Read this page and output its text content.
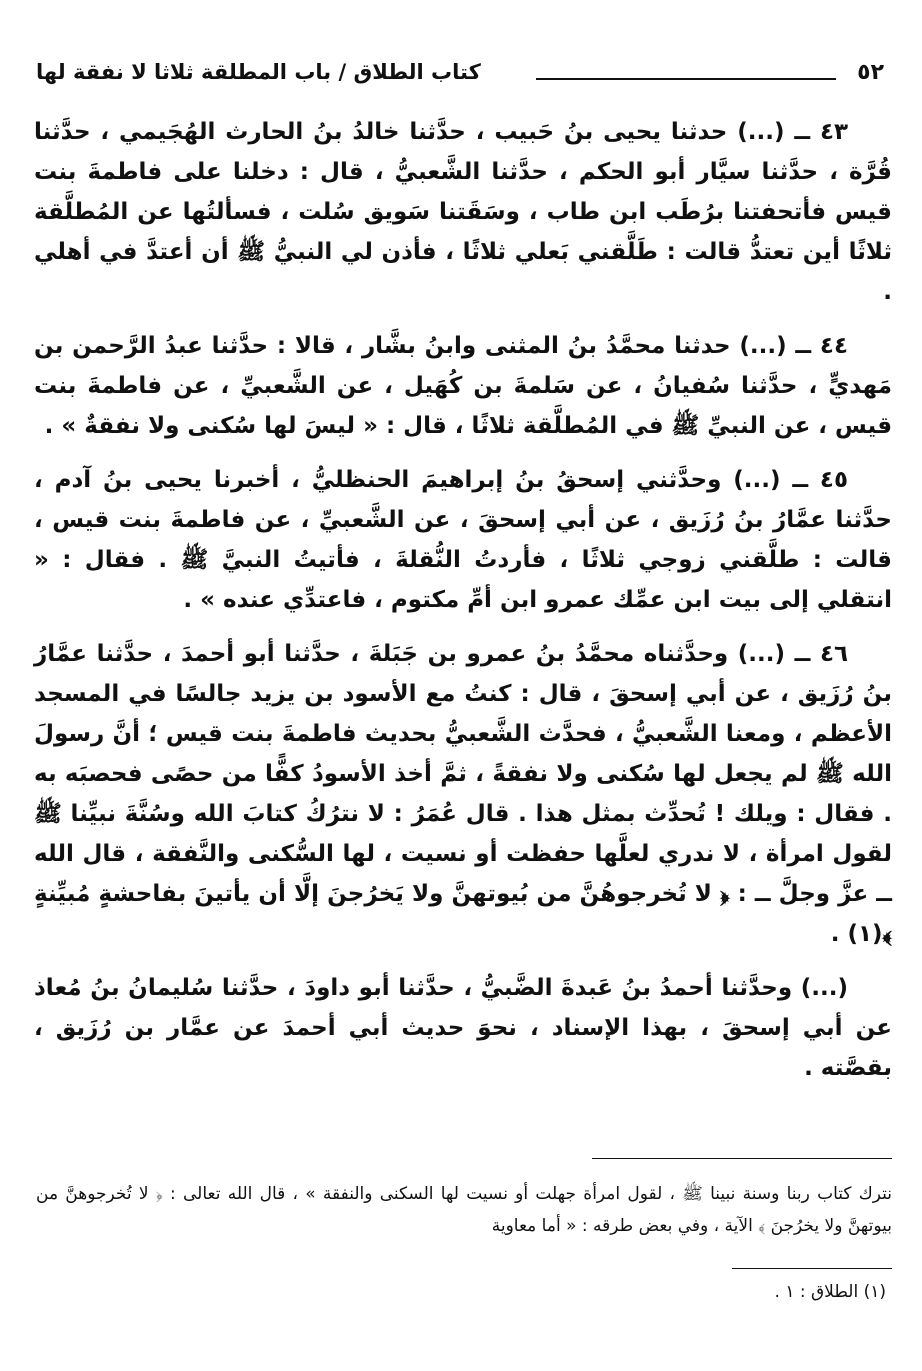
٥٢
كتاب الطلاق / باب المطلقة ثلاثا لا نفقة لها

٤٣ ــ (...) حدثنا يحيى بنُ حَبيب ، حدَّثنا خالدُ بنُ الحارث الهُجَيمي ، حدَّثنا قُرَّة ، حدَّثنا سيَّار أبو الحكم ، حدَّثنا الشَّعبيُّ ، قال : دخلنا على فاطمةَ بنت قيس فأتحفتنا برُطَب ابن طاب ، وسَقَتنا سَويق سُلت ، فسألتُها عن المُطلَّقة ثلاثًا أين تعتدُّ قالت : طَلَّقني بَعلي ثلاثًا ، فأذن لي النبيُّ ﷺ أن أعتدَّ في أهلي .

٤٤ ــ (...) حدثنا محمَّدُ بنُ المثنى وابنُ بشَّار ، قالا : حدَّثنا عبدُ الرَّحمن بن مَهديٍّ ، حدَّثنا سُفيانُ ، عن سَلمةَ بن كُهَيل ، عن الشَّعبيِّ ، عن فاطمةَ بنت قيس ، عن النبيِّ ﷺ في المُطلَّقة ثلاثًا ، قال : « ليسَ لها سُكنى ولا نفقةٌ » .

٤٥ ــ (...) وحدَّثني إسحقُ بنُ إبراهيمَ الحنظليُّ ، أخبرنا يحيى بنُ آدم ، حدَّثنا عمَّارُ بنُ رُزَيق ، عن أبي إسحقَ ، عن الشَّعبيِّ ، عن فاطمةَ بنت قيس ، قالت : طلَّقني زوجي ثلاثًا ، فأردتُ النُّقلةَ ، فأتيتُ النبيَّ ﷺ . فقال : « انتقلي إلى بيت ابن عمِّك عمرو ابن أمِّ مكتوم ، فاعتدِّي عنده » .

٤٦ ــ (...) وحدَّثناه محمَّدُ بنُ عمرو بن جَبَلةَ ، حدَّثنا أبو أحمدَ ، حدَّثنا عمَّارُ بنُ رُزَيق ، عن أبي إسحقَ ، قال : كنتُ مع الأسود بن يزيد جالسًا في المسجد الأعظم ، ومعنا الشَّعبيُّ ، فحدَّث الشَّعبيُّ بحديث فاطمةَ بنت قيس ؛ أنَّ رسولَ الله ﷺ لم يجعل لها سُكنى ولا نفقةً ، ثمَّ أخذ الأسودُ كفًّا من حصًى فحصبَه به . فقال : ويلك ! تُحدِّث بمثل هذا . قال عُمَرُ : لا نترُكُ كتابَ الله وسُنَّةَ نبيِّنا ﷺ لقول امرأة ، لا ندري لعلَّها حفظت أو نسيت ، لها السُّكنى والنَّفقة ، قال الله ــ عزَّ وجلَّ ــ : ﴿ لا تُخرجوهُنَّ من بُيوتهنَّ ولا يَخرُجنَ إلَّا أن يأتينَ بفاحشةٍ مُبيِّنةٍ ﴾(١) .

(...) وحدَّثنا أحمدُ بنُ عَبدةَ الضَّبيُّ ، حدَّثنا أبو داودَ ، حدَّثنا سُليمانُ بنُ مُعاذ عن أبي إسحقَ ، بهذا الإسناد ، نحوَ حديث أبي أحمدَ عن عمَّار بن رُزَيق ، بقصَّته .

نترك كتاب ربنا وسنة نبينا ﷺ ، لقول امرأة جهلت أو نسيت لها السكنى والنفقة » ، قال الله تعالى : ﴿ لا تُخرجوهنَّ من بيوتهنَّ ولا يخرُجنَ ﴾ الآية ، وفي بعض طرقه : « أما معاوية
(١) الطلاق : ١ .
